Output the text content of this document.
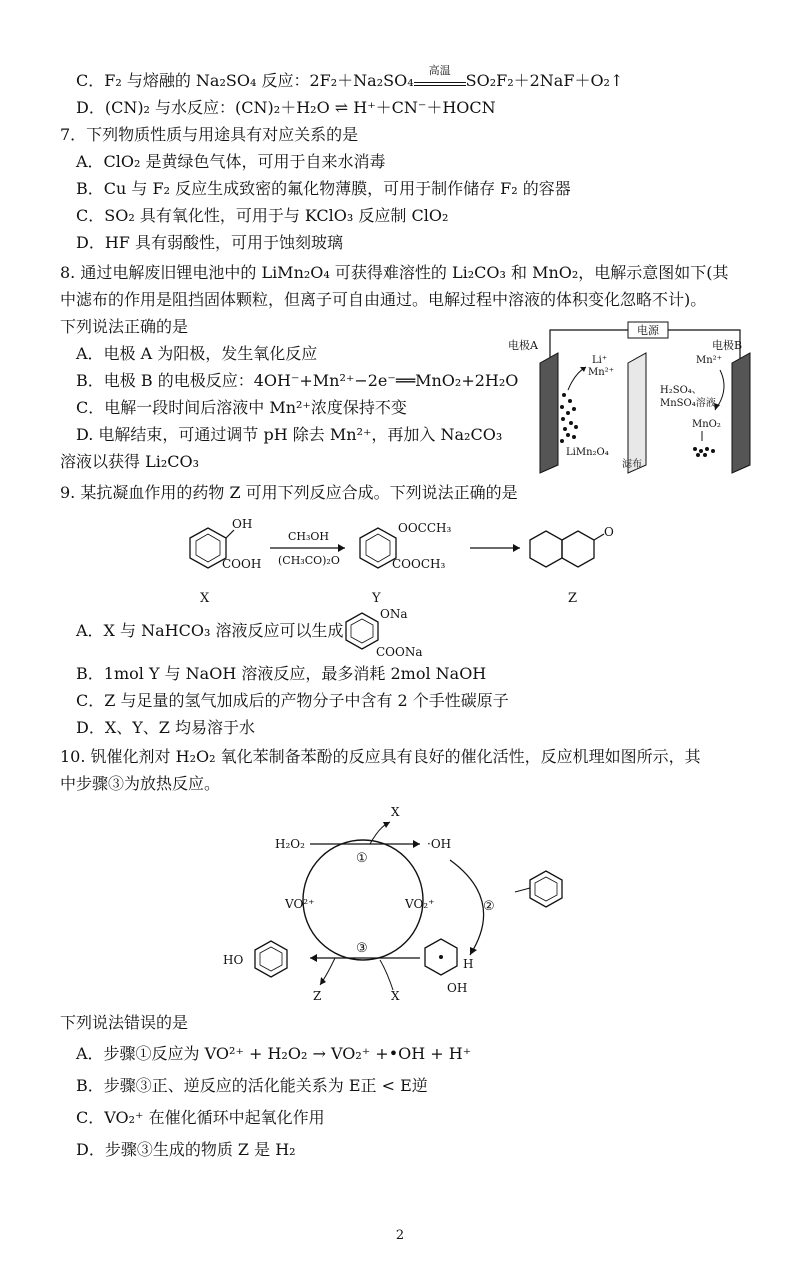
C．F₂ 与熔融的 Na₂SO₄ 反应：2F₂＋Na₂SO₄
高温
SO₂F₂＋2NaF＋O₂↑
D．(CN)₂ 与水反应：(CN)₂＋H₂O ⇌ H⁺＋CN⁻＋HOCN
7．下列物质性质与用途具有对应关系的是
A．ClO₂ 是黄绿色气体，可用于自来水消毒
B．Cu 与 F₂ 反应生成致密的氟化物薄膜，可用于制作储存 F₂ 的容器
C．SO₂ 具有氧化性，可用于与 KClO₃ 反应制 ClO₂
D．HF 具有弱酸性，可用于蚀刻玻璃
8. 通过电解废旧锂电池中的 LiMn₂O₄ 可获得难溶性的 Li₂CO₃ 和 MnO₂，电解示意图如下(其
中滤布的作用是阻挡固体颗粒，但离子可自由通过。电解过程中溶液的体积变化忽略不计)。
下列说法正确的是
A．电极 A 为阳极，发生氧化反应
B．电极 B 的电极反应：4OH⁻+Mn²⁺−2e⁻══MnO₂+2H₂O
C．电解一段时间后溶液中 Mn²⁺浓度保持不变
D. 电解结束，可通过调节 pH 除去 Mn²⁺，再加入 Na₂CO₃
溶液以获得 Li₂CO₃
电源
电极A
滤布
电极B
Li⁺
Mn²⁺
LiMn₂O₄
Mn²⁺
H₂SO₄、
MnSO₄溶液
MnO₂
9. 某抗凝血作用的药物 Z 可用下列反应合成。下列说法正确的是
OH
COOH
X
CH₃OH
(CH₃CO)₂O
OOCCH₃
COOCH₃
Y
O
Z
A．X 与 NaHCO₃ 溶液反应可以生成
ONa
COONa
B．1mol Y 与 NaOH 溶液反应，最多消耗 2mol NaOH
C．Z 与足量的氢气加成后的产物分子中含有 2 个手性碳原子
D．X、Y、Z 均易溶于水
10. 钒催化剂对 H₂O₂ 氧化苯制备苯酚的反应具有良好的催化活性，反应机理如图所示，其
中步骤③为放热反应。
H₂O₂	·OH
X
①
VO²⁺	VO₂⁺
③
②
H
OH
HO
Z	X
下列说法错误的是
A．步骤①反应为 VO²⁺ + H₂O₂ → VO₂⁺ +•OH + H⁺
B．步骤③正、逆反应的活化能关系为 E正 < E逆
C．VO₂⁺ 在催化循环中起氧化作用
D．步骤③生成的物质 Z 是 H₂
2
